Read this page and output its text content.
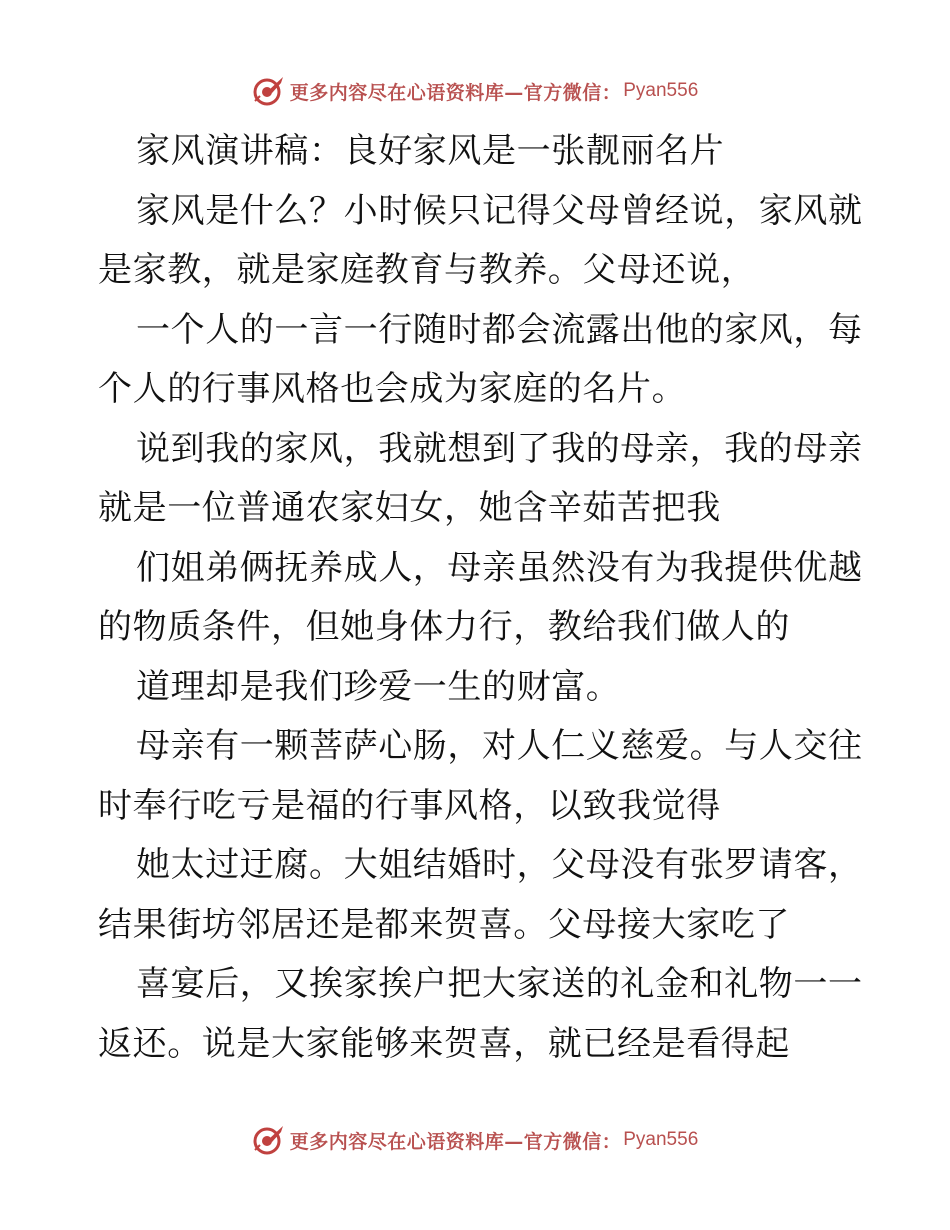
更多内容尽在心语资料库—官方微信： Pyan556
家风演讲稿：良好家风是一张靓丽名片
家风是什么？小时候只记得父母曾经说，家风就
是家教，就是家庭教育与教养。父母还说，
一个人的一言一行随时都会流露出他的家风，每
个人的行事风格也会成为家庭的名片。
说到我的家风，我就想到了我的母亲，我的母亲
就是一位普通农家妇女，她含辛茹苦把我
们姐弟俩抚养成人，母亲虽然没有为我提供优越
的物质条件，但她身体力行，教给我们做人的
道理却是我们珍爱一生的财富。
母亲有一颗菩萨心肠，对人仁义慈爱。与人交往
时奉行吃亏是福的行事风格，以致我觉得
她太过迂腐。大姐结婚时，父母没有张罗请客，
结果街坊邻居还是都来贺喜。父母接大家吃了
喜宴后，又挨家挨户把大家送的礼金和礼物一一
返还。说是大家能够来贺喜，就已经是看得起
更多内容尽在心语资料库—官方微信： Pyan556
